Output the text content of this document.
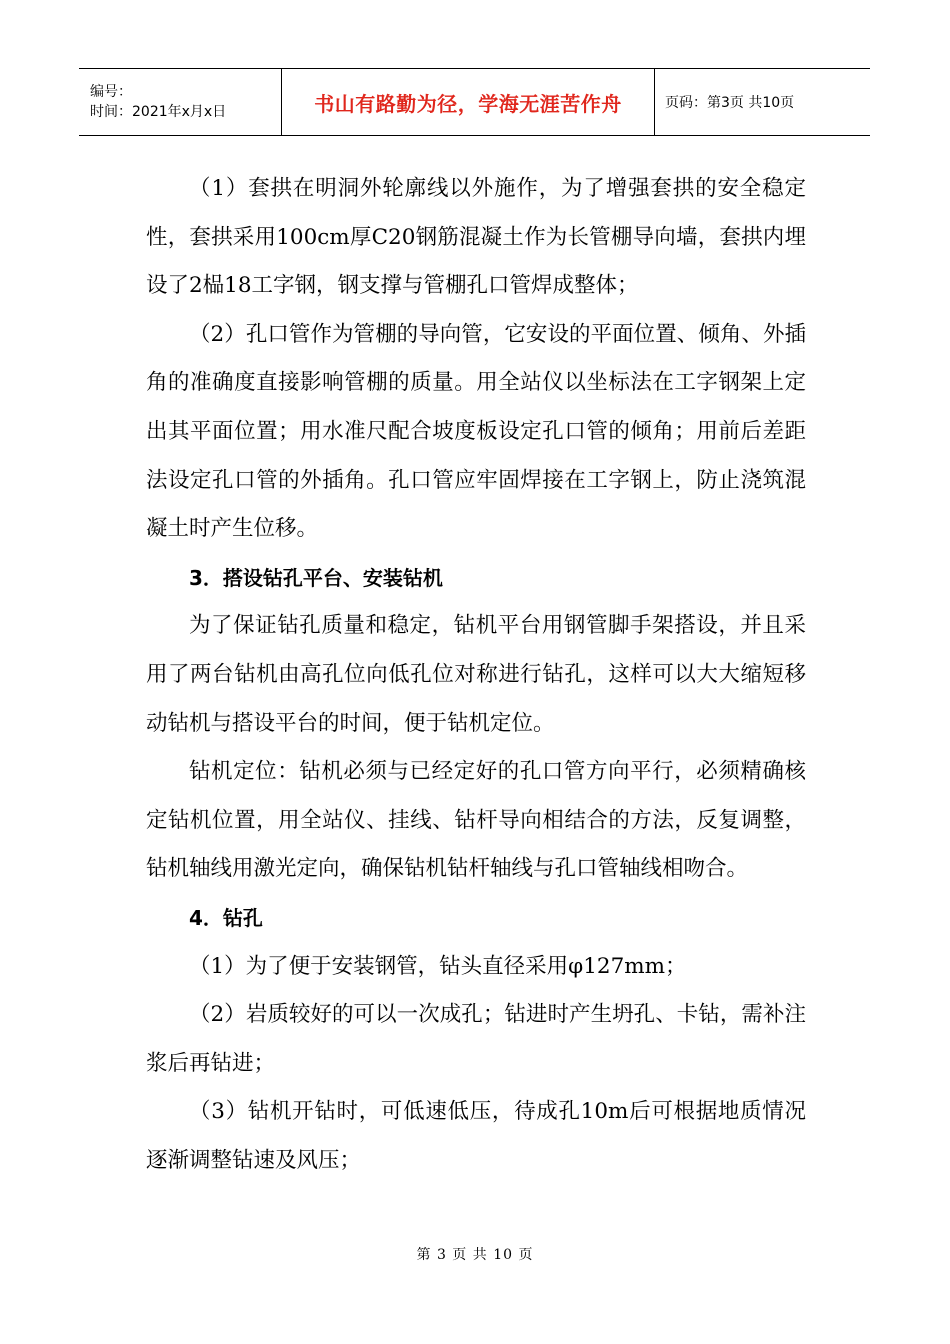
编号：
时间：2021年x月x日	书山有路勤为径，学海无涯苦作舟	页码：第3页 共10页

（1）套拱在明洞外轮廓线以外施作，为了增强套拱的安全稳定性，套拱采用100cm厚C20钢筋混凝土作为长管棚导向墙，套拱内埋设了2榀18工字钢，钢支撑与管棚孔口管焊成整体；

（2）孔口管作为管棚的导向管，它安设的平面位置、倾角、外插角的准确度直接影响管棚的质量。用全站仪以坐标法在工字钢架上定出其平面位置；用水准尺配合坡度板设定孔口管的倾角；用前后差距法设定孔口管的外插角。孔口管应牢固焊接在工字钢上，防止浇筑混凝土时产生位移。

3．搭设钻孔平台、安装钻机

为了保证钻孔质量和稳定，钻机平台用钢管脚手架搭设，并且采用了两台钻机由高孔位向低孔位对称进行钻孔，这样可以大大缩短移动钻机与搭设平台的时间，便于钻机定位。

钻机定位：钻机必须与已经定好的孔口管方向平行，必须精确核定钻机位置，用全站仪、挂线、钻杆导向相结合的方法，反复调整，钻机轴线用激光定向，确保钻机钻杆轴线与孔口管轴线相吻合。

4．钻孔

（1）为了便于安装钢管，钻头直径采用φ127mm；

（2）岩质较好的可以一次成孔；钻进时产生坍孔、卡钻，需补注浆后再钻进；

（3）钻机开钻时，可低速低压，待成孔10m后可根据地质情况逐渐调整钻速及风压；

第 3 页 共 10 页
